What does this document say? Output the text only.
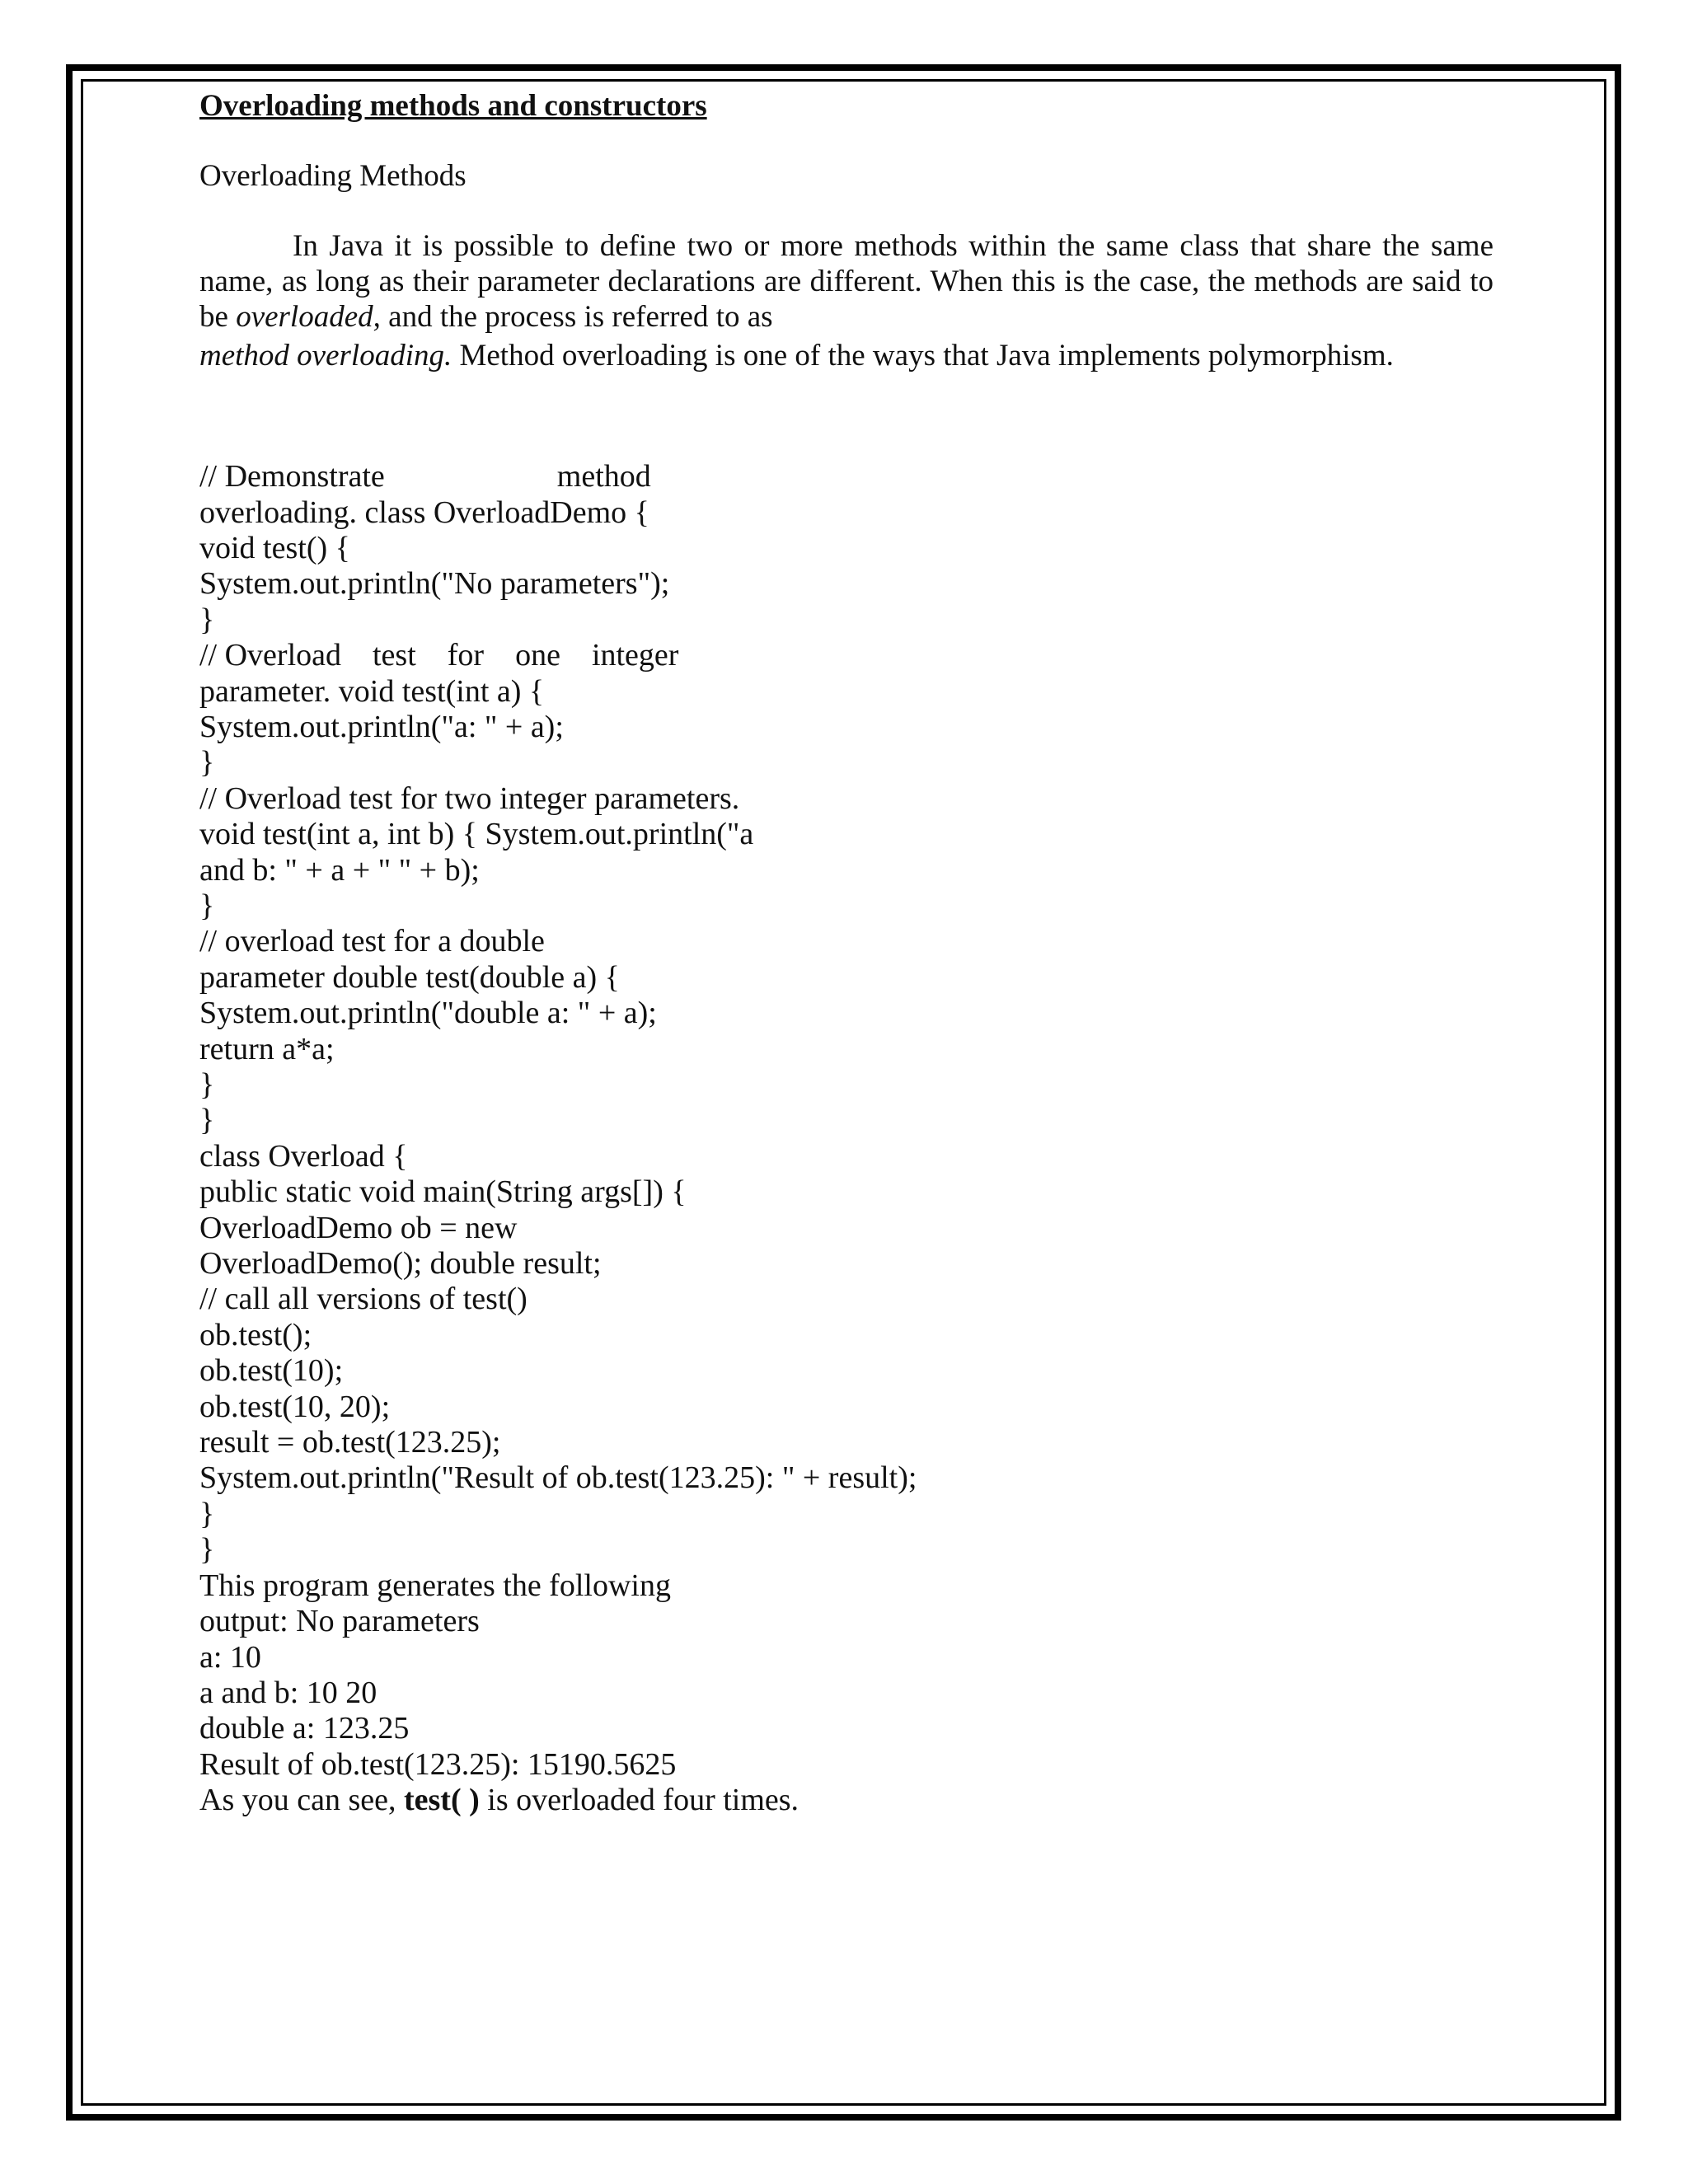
Overloading methods and constructors

Overloading Methods

In Java it is possible to define two or more methods within the same class that share the same name, as long as their parameter declarations are different. When this is the case, the methods are said to be overloaded, and the process is referred to as

method overloading. Method overloading is one of the ways that Java implements polymorphism.

// Demonstrate                      method
overloading. class OverloadDemo {
void test() {
System.out.println("No parameters");
}
// Overload    test    for    one    integer
parameter. void test(int a) {
System.out.println("a: " + a);
}
// Overload test for two integer parameters.
void test(int a, int b) { System.out.println("a
and b: " + a + " " + b);
}
// overload test for a double
parameter double test(double a) {
System.out.println("double a: " + a);
return a*a;
}
}
class Overload {
public static void main(String args[]) {
OverloadDemo ob = new
OverloadDemo(); double result;
// call all versions of test()
ob.test();
ob.test(10);
ob.test(10, 20);
result = ob.test(123.25);
System.out.println("Result of ob.test(123.25): " + result);
}
}
This program generates the following
output: No parameters
a: 10
a and b: 10 20
double a: 123.25
Result of ob.test(123.25): 15190.5625
As you can see, test( ) is overloaded four times.
